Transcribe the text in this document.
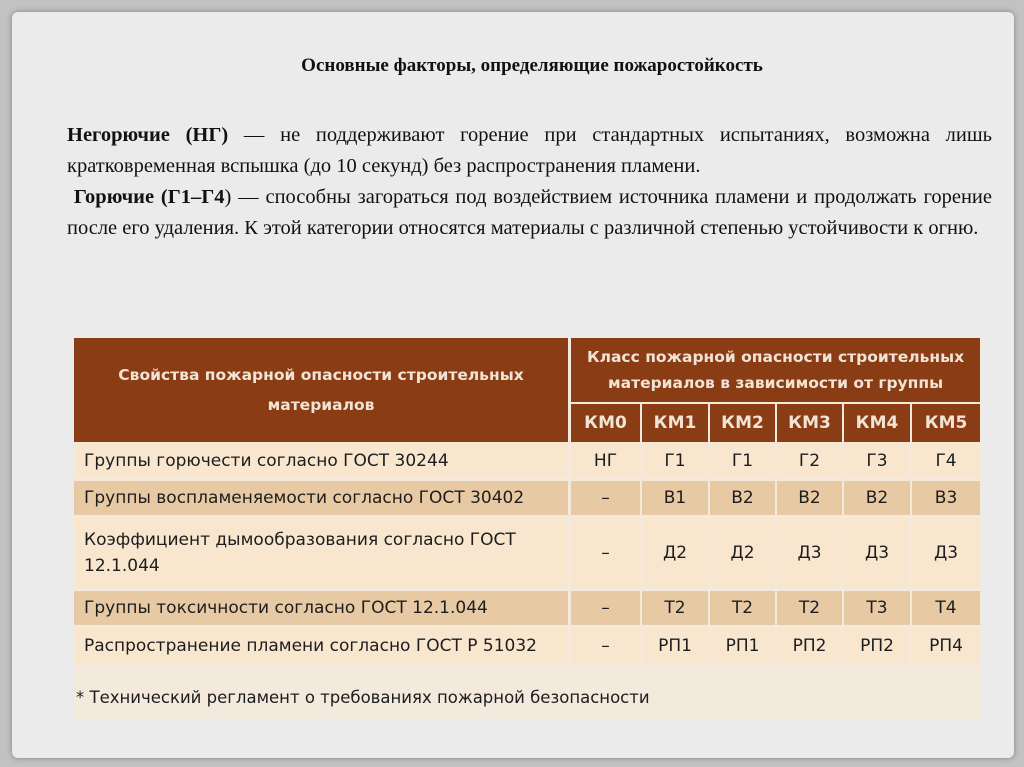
Основные факторы, определяющие пожаростойкость

Негорючие (НГ) — не поддерживают горение при стандартных испытаниях, возможна лишь кратковременная вспышка (до 10 секунд) без распространения пламени.

Горючие (Г1–Г4) — способны загораться под воздействием источника пламени и продолжать горение после его удаления. К этой категории относятся материалы с различной степенью устойчивости к огню.

Свойства пожарной опасности строительных материалов	Класс пожарной опасности строительных материалов в зависимости от группы					
	КМ0	КМ1	КМ2	КМ3	КМ4	КМ5
Группы горючести согласно ГОСТ 30244	НГ	Г1	Г1	Г2	Г3	Г4
Группы воспламеняемости согласно ГОСТ 30402	–	В1	В2	В2	В2	В3
Коэффициент дымообразования согласно ГОСТ 12.1.044	–	Д2	Д2	Д3	Д3	Д3
Группы токсичности согласно ГОСТ 12.1.044	–	Т2	Т2	Т2	Т3	Т4
Распространение пламени согласно ГОСТ Р 51032	–	РП1	РП1	РП2	РП2	РП4
* Технический регламент о требованиях пожарной безопасности
